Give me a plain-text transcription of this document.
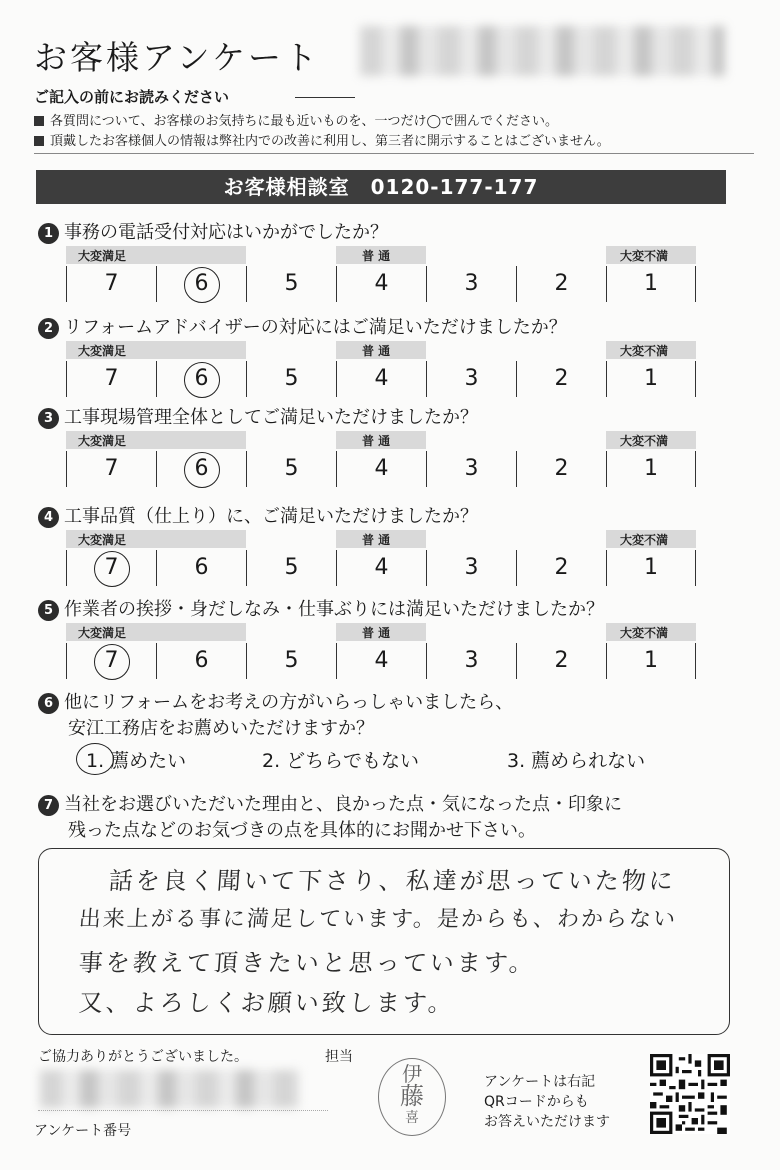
お客様アンケート
ご記入の前にお読みください
各質問について、お客様のお気持ちに最も近いものを、一つだけ◯で囲んでください。
頂戴したお客様個人の情報は弊社内での改善に利用し、第三者に開示することはございません。
お客様相談室　0120-177-177
1 事務の電話受付対応はいかがでしたか？
大変満足	普 通	大変不満
7	6	5	4	3	2	1
2 リフォームアドバイザーの対応にはご満足いただけましたか？
大変満足	普 通	大変不満
7	6	5	4	3	2	1
3 工事現場管理全体としてご満足いただけましたか？
大変満足	普 通	大変不満
7	6	5	4	3	2	1
4 工事品質（仕上り）に、ご満足いただけましたか？
大変満足	普 通	大変不満
7	6	5	4	3	2	1
5 作業者の挨拶・身だしなみ・仕事ぶりには満足いただけましたか？
大変満足	普 通	大変不満
7	6	5	4	3	2	1
6 他にリフォームをお考えの方がいらっしゃいましたら、
安江工務店をお薦めいただけますか？
1. 薦めたい	2. どちらでもない	3. 薦められない
7 当社をお選びいただいた理由と、良かった点・気になった点・印象に
残った点などのお気づきの点を具体的にお聞かせ下さい。
話を良く聞いて下さり、私達が思っていた物に
出来上がる事に満足しています。是からも、わからない
事を教えて頂きたいと思っています。
又、よろしくお願い致します。
ご協力ありがとうございました。	担当
伊
藤
喜
アンケートは右記
QRコードからも
お答えいただけます
アンケート番号
